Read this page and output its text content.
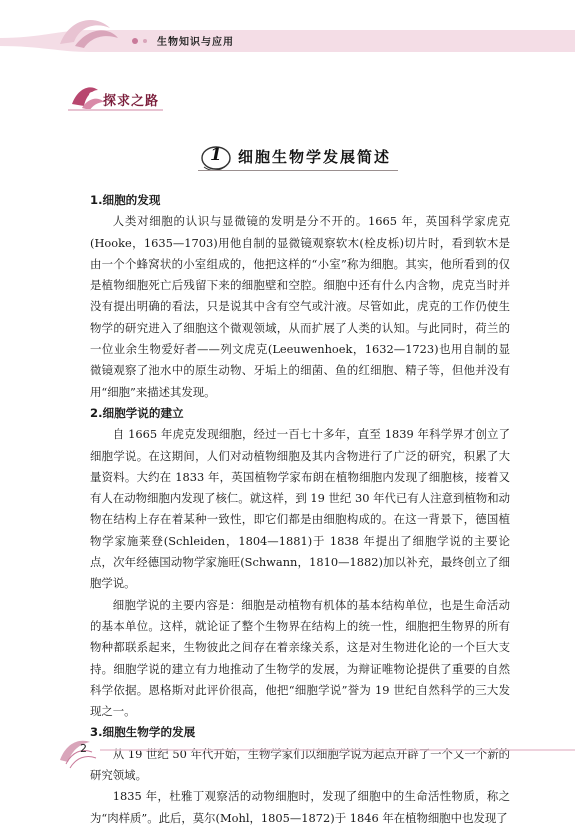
生物知识与应用
探求之路
1 细胞生物学发展简述
1.细胞的发现

人类对细胞的认识与显微镜的发明是分不开的。1665 年，英国科学家虎克(Hooke，1635—1703)用他自制的显微镜观察软木(栓皮栎)切片时，看到软木是由一个个蜂窝状的小室组成的，他把这样的“小室”称为细胞。其实，他所看到的仅是植物细胞死亡后残留下来的细胞壁和空腔。细胞中还有什么内含物，虎克当时并没有提出明确的看法，只是说其中含有空气或汁液。尽管如此，虎克的工作仍使生物学的研究进入了细胞这个微观领域，从而扩展了人类的认知。与此同时，荷兰的一位业余生物爱好者——列文虎克(Leeuwenhoek，1632—1723)也用自制的显微镜观察了池水中的原生动物、牙垢上的细菌、鱼的红细胞、精子等，但他并没有用“细胞”来描述其发现。

2.细胞学说的建立

自 1665 年虎克发现细胞，经过一百七十多年，直至 1839 年科学界才创立了细胞学说。在这期间，人们对动植物细胞及其内含物进行了广泛的研究，积累了大量资料。大约在 1833 年，英国植物学家布朗在植物细胞内发现了细胞核，接着又有人在动物细胞内发现了核仁。就这样，到 19 世纪 30 年代已有人注意到植物和动物在结构上存在着某种一致性，即它们都是由细胞构成的。在这一背景下，德国植物学家施莱登(Schleiden，1804—1881)于 1838 年提出了细胞学说的主要论点，次年经德国动物学家施旺(Schwann，1810—1882)加以补充，最终创立了细胞学说。

细胞学说的主要内容是：细胞是动植物有机体的基本结构单位，也是生命活动的基本单位。这样，就论证了整个生物界在结构上的统一性，细胞把生物界的所有物种都联系起来，生物彼此之间存在着亲缘关系，这是对生物进化论的一个巨大支持。细胞学说的建立有力地推动了生物学的发展，为辩证唯物论提供了重要的自然科学依据。恩格斯对此评价很高，他把“细胞学说”誉为 19 世纪自然科学的三大发现之一。

3.细胞生物学的发展

从 19 世纪 50 年代开始，生物学家们以细胞学说为起点开辟了一个又一个新的研究领域。

1835 年，杜雅丁观察活的动物细胞时，发现了细胞中的生命活性物质，称之为“肉样质”。此后，莫尔(Mohl，1805—1872)于 1846 年在植物细胞中也发现了

2
